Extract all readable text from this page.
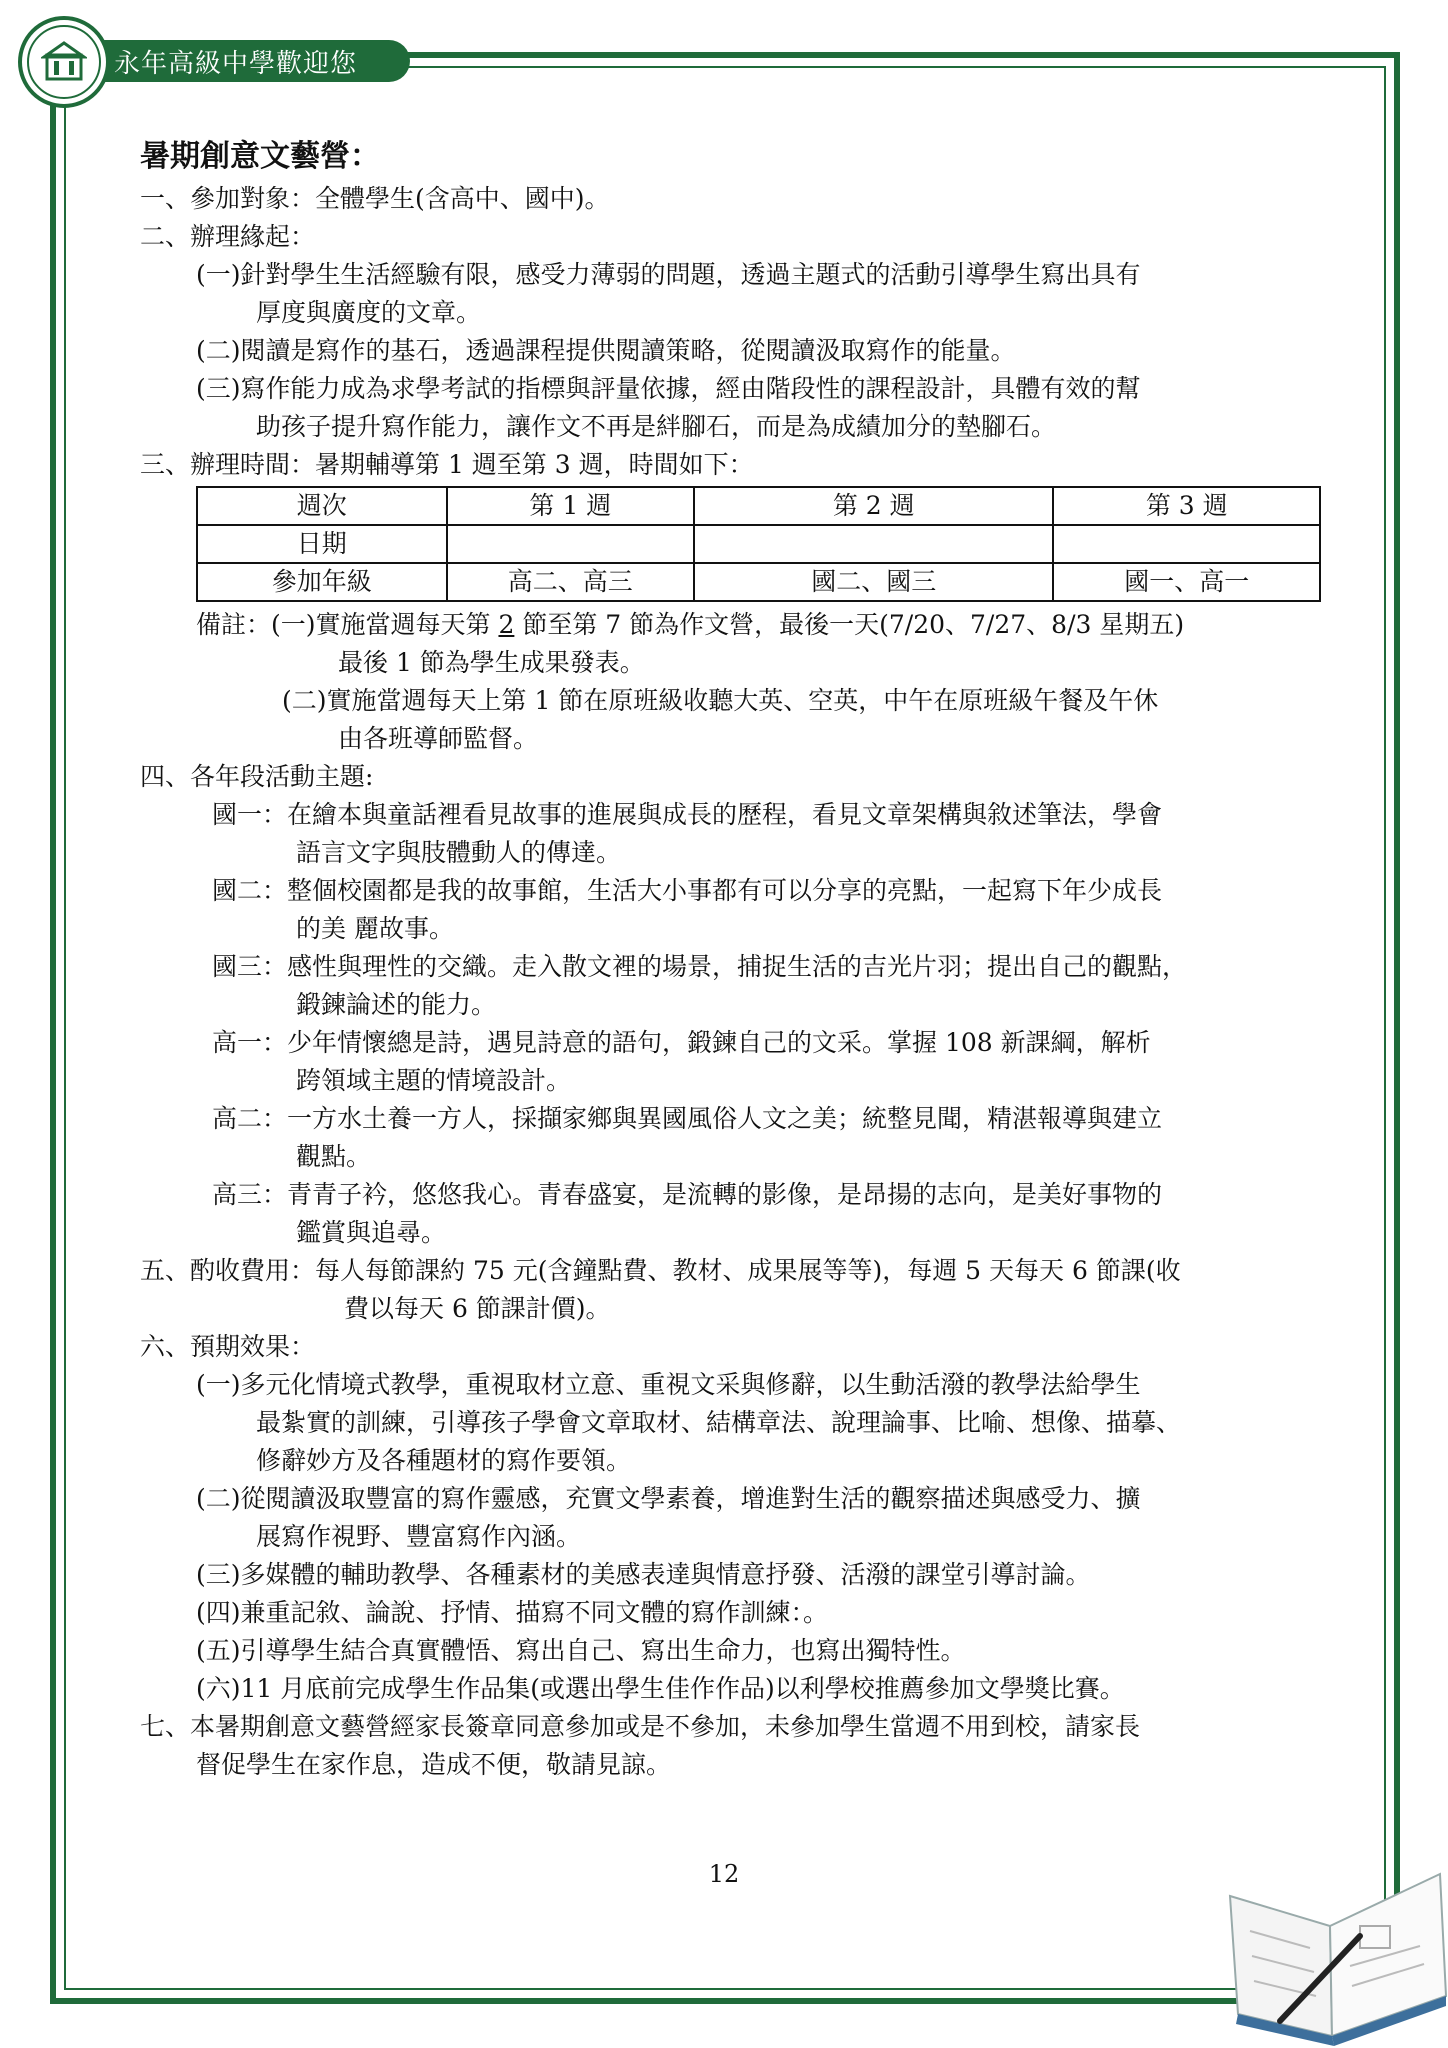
永年高級中學歡迎您
暑期創意文藝營：
一、參加對象：全體學生(含高中、國中)。
二、辦理緣起：
(一)針對學生生活經驗有限，感受力薄弱的問題，透過主題式的活動引導學生寫出具有
厚度與廣度的文章。
(二)閱讀是寫作的基石，透過課程提供閱讀策略，從閱讀汲取寫作的能量。
(三)寫作能力成為求學考試的指標與評量依據，經由階段性的課程設計，具體有效的幫
助孩子提升寫作能力，讓作文不再是絆腳石，而是為成績加分的墊腳石。
三、辦理時間：暑期輔導第 1 週至第 3 週，時間如下：
週次	第 1 週	第 2 週	第 3 週
日期			
參加年級	高二、高三	國二、國三	國一、高一
備註：(一)實施當週每天第 2 節至第 7 節為作文營，最後一天(7/20、7/27、8/3 星期五)
最後 1 節為學生成果發表。
(二)實施當週每天上第 1 節在原班級收聽大英、空英，中午在原班級午餐及午休
由各班導師監督。
四、各年段活動主題:
國一：在繪本與童話裡看見故事的進展與成長的歷程，看見文章架構與敘述筆法，學會
語言文字與肢體動人的傳達。
國二：整個校園都是我的故事館，生活大小事都有可以分享的亮點，一起寫下年少成長
的美 麗故事。
國三：感性與理性的交織。走入散文裡的場景，捕捉生活的吉光片羽；提出自己的觀點，
鍛鍊論述的能力。
高一：少年情懷總是詩，遇見詩意的語句，鍛鍊自己的文采。掌握 108 新課綱，解析
跨領域主題的情境設計。
高二：一方水土養一方人，採擷家鄉與異國風俗人文之美；統整見聞，精湛報導與建立
觀點。
高三：青青子衿，悠悠我心。青春盛宴，是流轉的影像，是昂揚的志向，是美好事物的
鑑賞與追尋。
五、酌收費用：每人每節課約 75 元(含鐘點費、教材、成果展等等)，每週 5 天每天 6 節課(收
費以每天 6 節課計價)。
六、預期效果：
(一)多元化情境式教學，重視取材立意、重視文采與修辭，以生動活潑的教學法給學生
最紮實的訓練，引導孩子學會文章取材、結構章法、說理論事、比喻、想像、描摹、
修辭妙方及各種題材的寫作要領。
(二)從閱讀汲取豐富的寫作靈感，充實文學素養，增進對生活的觀察描述與感受力、擴
展寫作視野、豐富寫作內涵。
(三)多媒體的輔助教學、各種素材的美感表達與情意抒發、活潑的課堂引導討論。
(四)兼重記敘、論說、抒情、描寫不同文體的寫作訓練：。
(五)引導學生結合真實體悟、寫出自己、寫出生命力，也寫出獨特性。
(六)11 月底前完成學生作品集(或選出學生佳作作品)以利學校推薦參加文學獎比賽。
七、本暑期創意文藝營經家長簽章同意參加或是不參加，未參加學生當週不用到校，請家長
督促學生在家作息，造成不便，敬請見諒。
12
